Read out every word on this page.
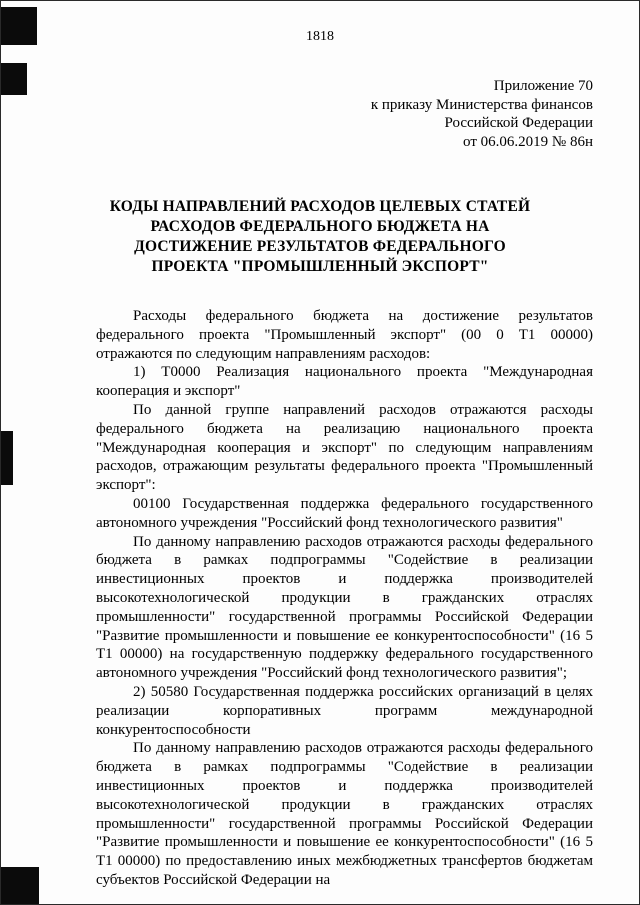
1818
Приложение 70
к приказу Министерства финансов
Российской Федерации
от 06.06.2019 № 86н
КОДЫ НАПРАВЛЕНИЙ РАСХОДОВ ЦЕЛЕВЫХ СТАТЕЙ РАСХОДОВ ФЕДЕРАЛЬНОГО БЮДЖЕТА НА ДОСТИЖЕНИЕ РЕЗУЛЬТАТОВ ФЕДЕРАЛЬНОГО ПРОЕКТА "ПРОМЫШЛЕННЫЙ ЭКСПОРТ"

Расходы федерального бюджета на достижение результатов федерального проекта "Промышленный экспорт" (00 0 Т1 00000) отражаются по следующим направлениям расходов:

1) Т0000 Реализация национального проекта "Международная кооперация и экспорт"

По данной группе направлений расходов отражаются расходы федерального бюджета на реализацию национального проекта "Международная кооперация и экспорт" по следующим направлениям расходов, отражающим результаты федерального проекта "Промышленный экспорт":

00100 Государственная поддержка федерального государственного автономного учреждения "Российский фонд технологического развития"

По данному направлению расходов отражаются расходы федерального бюджета в рамках подпрограммы "Содействие в реализации инвестиционных проектов и поддержка производителей высокотехнологической продукции в гражданских отраслях промышленности" государственной программы Российской Федерации "Развитие промышленности и повышение ее конкурентоспособности" (16 5 Т1 00000) на государственную поддержку федерального государственного автономного учреждения "Российский фонд технологического развития";

2) 50580 Государственная поддержка российских организаций в целях реализации корпоративных программ международной конкурентоспособности

По данному направлению расходов отражаются расходы федерального бюджета в рамках подпрограммы "Содействие в реализации инвестиционных проектов и поддержка производителей высокотехнологической продукции в гражданских отраслях промышленности" государственной программы Российской Федерации "Развитие промышленности и повышение ее конкурентоспособности" (16 5 Т1 00000) по предоставлению иных межбюджетных трансфертов бюджетам субъектов Российской Федерации на
